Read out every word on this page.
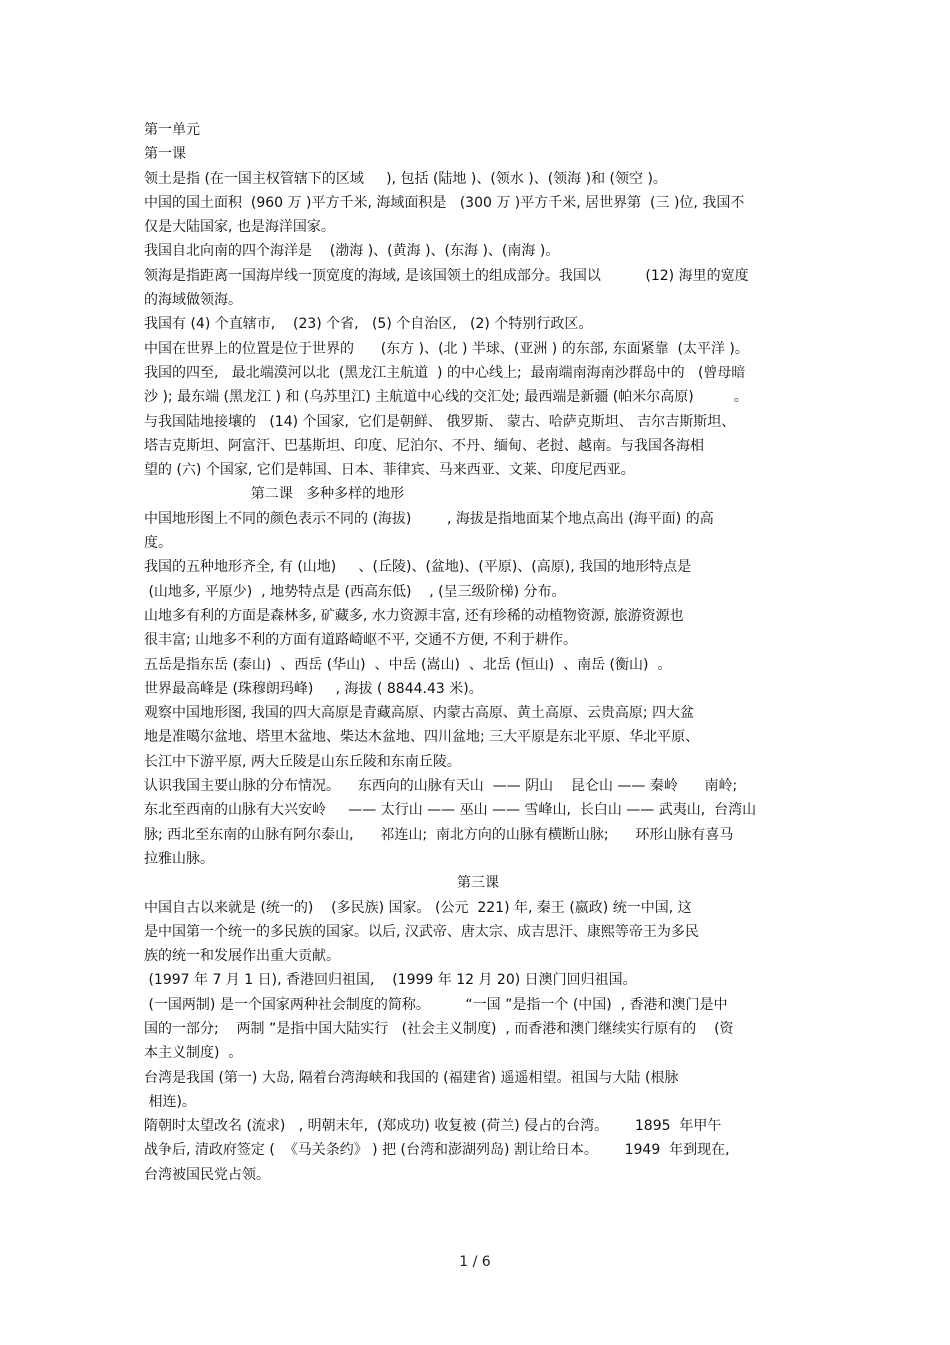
第一单元
第一课
领土是指 (在一国主权管辖下的区域     ), 包括 (陆地 )、(领水 )、(领海 )和 (领空 )。
中国的国土面积  (960 万 )平方千米, 海域面积是   (300 万 )平方千米, 居世界第  (三 )位, 我国不
仅是大陆国家, 也是海洋国家。
我国自北向南的四个海洋是    (渤海 )、(黄海 )、(东海 )、(南海 )。
领海是指距离一国海岸线一顶宽度的海域, 是该国领土的组成部分。我国以          (12) 海里的宽度
的海域做领海。
我国有 (4) 个直辖市,    (23) 个省,   (5) 个自治区,   (2) 个特别行政区。
中国在世界上的位置是位于世界的      (东方 )、(北 ) 半球、(亚洲 ) 的东部, 东面紧靠  (太平洋 )。
我国的四至,   最北端漠河以北  (黑龙江主航道  ) 的中心线上;  最南端南海南沙群岛中的   (曾母暗
沙 ); 最东端 (黑龙江 ) 和 (乌苏里江) 主航道中心线的交汇处; 最西端是新疆 (帕米尔高原)         。
与我国陆地接壤的   (14) 个国家,  它们是朝鲜、 俄罗斯、 蒙古、哈萨克斯坦、 吉尔吉斯斯坦、
塔吉克斯坦、阿富汗、巴基斯坦、印度、尼泊尔、不丹、缅甸、老挝、越南。与我国各海相
望的 (六) 个国家, 它们是韩国、日本、菲律宾、马来西亚、文莱、印度尼西亚。
第二课   多种多样的地形
中国地形图上不同的颜色表示不同的 (海拔)        , 海拔是指地面某个地点高出 (海平面) 的高
度。
我国的五种地形齐全, 有 (山地)     、(丘陵)、(盆地)、(平原)、(高原), 我国的地形特点是
(山地多, 平原少)  , 地势特点是 (西高东低)    , (呈三级阶梯) 分布。
山地多有利的方面是森林多, 矿藏多, 水力资源丰富, 还有珍稀的动植物资源, 旅游资源也
很丰富; 山地多不利的方面有道路崎岖不平, 交通不方便, 不利于耕作。
五岳是指东岳 (泰山)  、西岳 (华山)  、中岳 (嵩山)  、北岳 (恒山)  、南岳 (衡山)  。
世界最高峰是 (珠穆朗玛峰)     , 海拔 ( 8844.43 米)。
观察中国地形图, 我国的四大高原是青藏高原、内蒙古高原、黄土高原、云贵高原; 四大盆
地是准噶尔盆地、塔里木盆地、柴达木盆地、四川盆地; 三大平原是东北平原、华北平原、
长江中下游平原, 两大丘陵是山东丘陵和东南丘陵。
认识我国主要山脉的分布情况。    东西向的山脉有天山  —— 阴山    昆仑山 —— 秦岭      南岭;
东北至西南的山脉有大兴安岭     —— 太行山 —— 巫山 —— 雪峰山,  长白山 —— 武夷山,  台湾山
脉; 西北至东南的山脉有阿尔泰山,      祁连山;  南北方向的山脉有横断山脉;      环形山脉有喜马
拉雅山脉。
第三课
中国自古以来就是 (统一的)    (多民族) 国家。 (公元  221) 年, 秦王 (嬴政) 统一中国, 这
是中国第一个统一的多民族的国家。以后, 汉武帝、唐太宗、成吉思汗、康熙等帝王为多民
族的统一和发展作出重大贡献。
(1997 年 7 月 1 日), 香港回归祖国,    (1999 年 12 月 20) 日澳门回归祖国。
(一国两制) 是一个国家两种社会制度的简称。        “一国 ”是指一个 (中国)  , 香港和澳门是中
国的一部分;    两制 ”是指中国大陆实行   (社会主义制度)  , 而香港和澳门继续实行原有的    (资
本主义制度)  。
台湾是我国 (第一) 大岛, 隔着台湾海峡和我国的 (福建省) 遥遥相望。祖国与大陆 (根脉
相连)。
隋朝时太望改名 (流求)   , 明朝末年,  (郑成功) 收复被 (荷兰) 侵占的台湾。      1895  年甲午
战争后, 清政府签定 (  《马关条约》 ) 把 (台湾和澎湖列岛) 割让给日本。      1949  年到现在,
台湾被国民党占领。
1 / 6
